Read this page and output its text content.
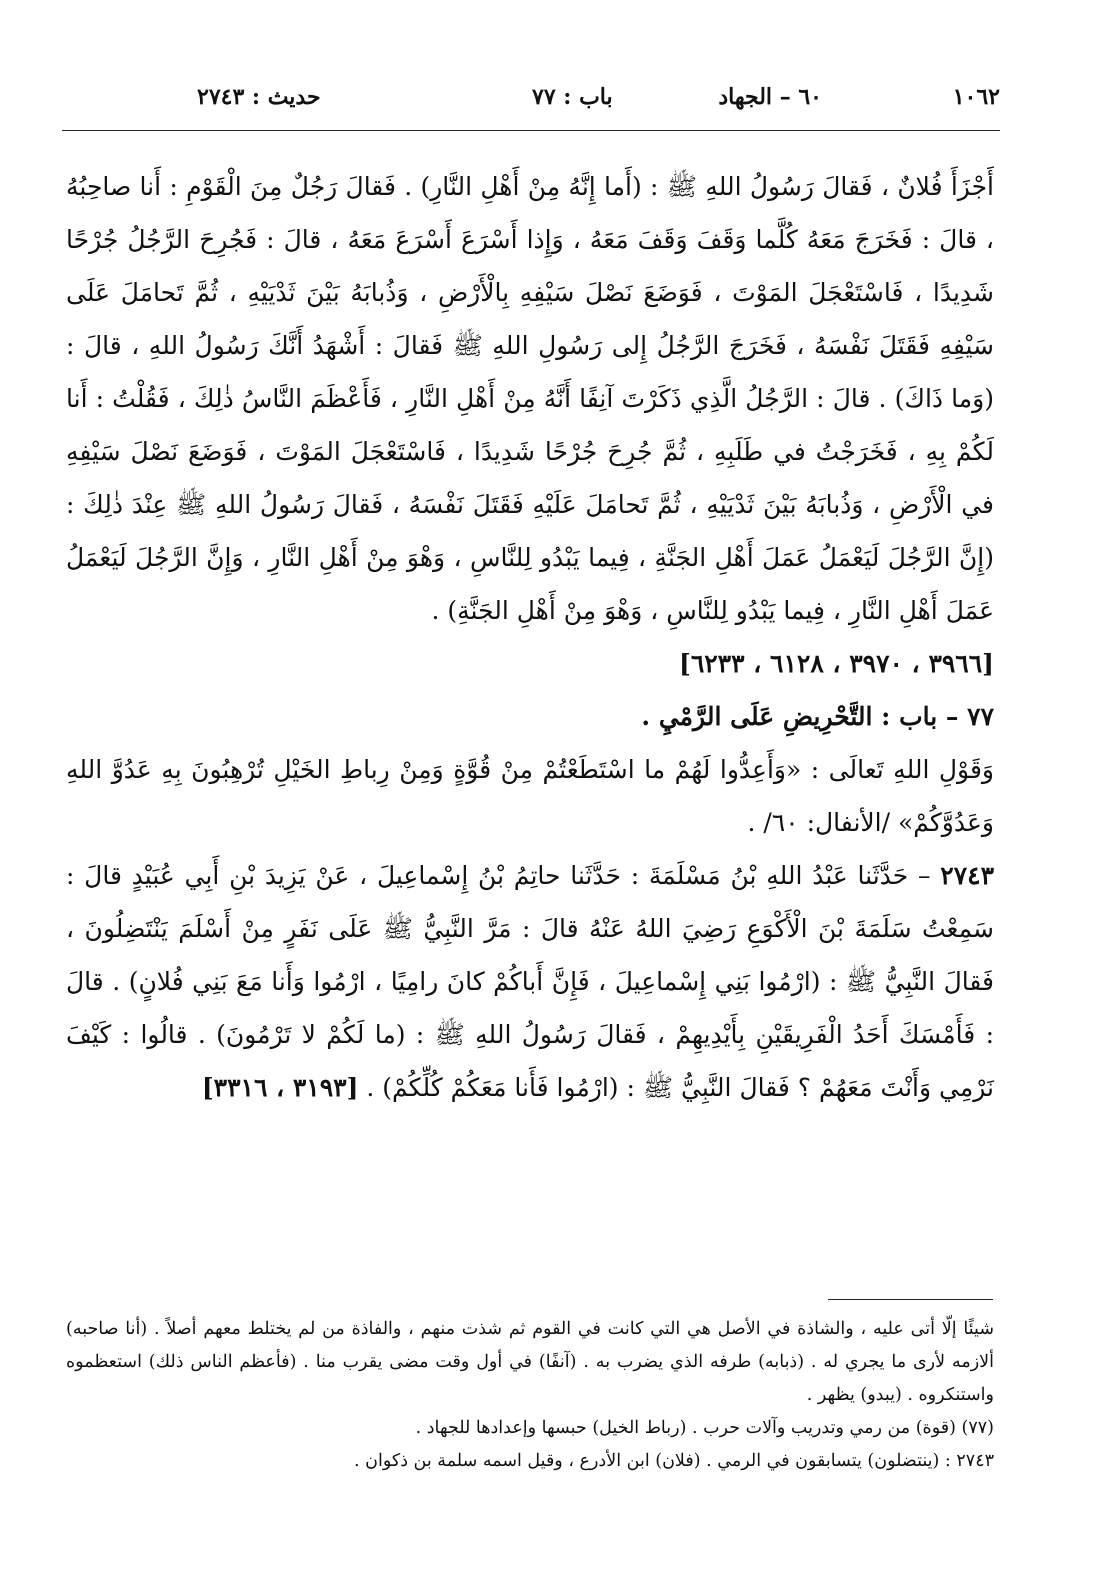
١٠٦٢
٦٠ – الجهاد
باب : ٧٧
حديث : ٢٧٤٣

أَجْزَأَ فُلانٌ ، فَقالَ رَسُولُ اللهِ ﷺ : (أَما إِنَّهُ مِنْ أَهْلِ النَّارِ) . فَقالَ رَجُلٌ مِنَ الْقَوْمِ : أَنا صاحِبُهُ ، قالَ : فَخَرَجَ مَعَهُ كُلَّما وَقَفَ وَقَفَ مَعَهُ ، وَإِذا أَسْرَعَ أَسْرَعَ مَعَهُ ، قالَ : فَجُرِحَ الرَّجُلُ جُرْحًا شَدِيدًا ، فَاسْتَعْجَلَ المَوْتَ ، فَوَضَعَ نَصْلَ سَيْفِهِ بِالْأَرْضِ ، وَذُبابَهُ بَيْنَ ثَدْيَيْهِ ، ثُمَّ تَحامَلَ عَلَى سَيْفِهِ فَقَتَلَ نَفْسَهُ ، فَخَرَجَ الرَّجُلُ إِلى رَسُولِ اللهِ ﷺ فَقالَ : أَشْهَدُ أَنَّكَ رَسُولُ اللهِ ، قالَ : (وَما ذَاكَ) . قالَ : الرَّجُلُ الَّذِي ذَكَرْتَ آنِفًا أَنَّهُ مِنْ أَهْلِ النَّارِ ، فَأَعْظَمَ النَّاسُ ذٰلِكَ ، فَقُلْتُ : أَنا لَكُمْ بِهِ ، فَخَرَجْتُ في طَلَبِهِ ، ثُمَّ جُرِحَ جُرْحًا شَدِيدًا ، فَاسْتَعْجَلَ المَوْتَ ، فَوَضَعَ نَصْلَ سَيْفِهِ في الْأَرْضِ ، وَذُبابَهُ بَيْنَ ثَدْيَيْهِ ، ثُمَّ تَحامَلَ عَلَيْهِ فَقَتَلَ نَفْسَهُ ، فَقالَ رَسُولُ اللهِ ﷺ عِنْدَ ذٰلِكَ : (إِنَّ الرَّجُلَ لَيَعْمَلُ عَمَلَ أَهْلِ الجَنَّةِ ، فِيما يَبْدُو لِلنَّاسِ ، وَهْوَ مِنْ أَهْلِ النَّارِ ، وَإِنَّ الرَّجُلَ لَيَعْمَلُ عَمَلَ أَهْلِ النَّارِ ، فِيما يَبْدُو لِلنَّاسِ ، وَهْوَ مِنْ أَهْلِ الجَنَّةِ) .

[٣٩٦٦ ، ٣٩٧٠ ، ٦١٢٨ ، ٦٢٣٣]

٧٧ – باب : التَّحْرِيضِ عَلَى الرَّمْيِ .

وَقَوْلِ اللهِ تَعالَى : «وَأَعِدُّوا لَهُمْ ما اسْتَطَعْتُمْ مِنْ قُوَّةٍ وَمِنْ رِباطِ الخَيْلِ تُرْهِبُونَ بِهِ عَدُوَّ اللهِ وَعَدُوَّكُمْ» /الأنفال: ٦٠/ .

٢٧٤٣ – حَدَّثَنا عَبْدُ اللهِ بْنُ مَسْلَمَةَ : حَدَّثَنا حاتِمُ بْنُ إِسْماعِيلَ ، عَنْ يَزِيدَ بْنِ أَبِي عُبَيْدٍ قالَ : سَمِعْتُ سَلَمَةَ بْنَ الْأَكْوَعِ رَضِيَ اللهُ عَنْهُ قالَ : مَرَّ النَّبِيُّ ﷺ عَلَى نَفَرٍ مِنْ أَسْلَمَ يَنْتَضِلُونَ ، فَقالَ النَّبِيُّ ﷺ : (ارْمُوا بَنِي إِسْماعِيلَ ، فَإِنَّ أَباكُمْ كانَ رامِيًا ، ارْمُوا وَأَنا مَعَ بَنِي فُلانٍ) . قالَ : فَأَمْسَكَ أَحَدُ الْفَرِيقَيْنِ بِأَيْدِيهِمْ ، فَقالَ رَسُولُ اللهِ ﷺ : (ما لَكُمْ لا تَرْمُونَ) . قالُوا : كَيْفَ نَرْمِي وَأَنْتَ مَعَهُمْ ؟ فَقالَ النَّبِيُّ ﷺ : (ارْمُوا فَأَنا مَعَكُمْ كُلِّكُمْ) . [٣١٩٣ ، ٣٣١٦]

شيئًا إلّا أتى عليه ، والشاذة في الأصل هي التي كانت في القوم ثم شذت منهم ، والفاذة من لم يختلط معهم أصلاً . (أنا صاحبه) ألازمه لأرى ما يجري له . (ذبابه) طرفه الذي يضرب به . (آنفًا) في أول وقت مضى يقرب منا . (فأعظم الناس ذلك) استعظموه واستنكروه . (يبدو) يظهر .

(٧٧) (قوة) من رمي وتدريب وآلات حرب . (رباط الخيل) حبسها وإعدادها للجهاد .

٢٧٤٣ : (ينتضلون) يتسابقون في الرمي . (فلان) ابن الأدرع ، وقيل اسمه سلمة بن ذكوان .
